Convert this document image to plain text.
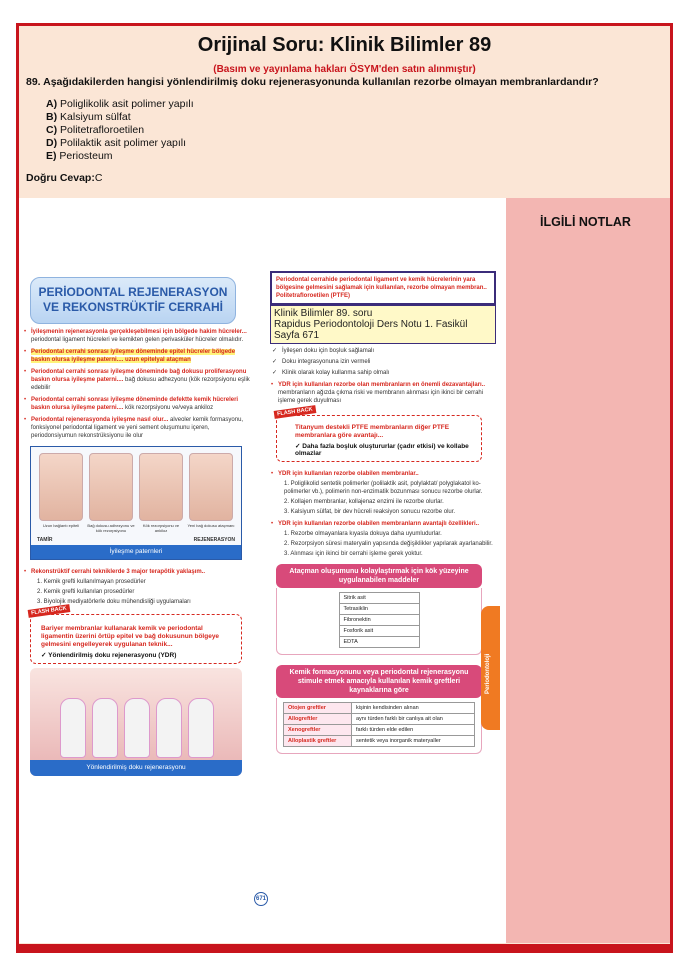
Orijinal Soru: Klinik Bilimler 89
(Basım ve yayınlama hakları ÖSYM'den satın alınmıştır)
89. Aşağıdakilerden hangisi yönlendirilmiş doku rejenerasyonunda kullanılan rezorbe olmayan membranlardandır?
A) Poliglikolik asit polimer yapılı
B) Kalsiyum sülfat
C) Politetrafloroetilen
D) Polilaktik asit polimer yapılı
E) Periosteum
Doğru Cevap:C
İLGİLİ NOTLAR
PERİODONTAL REJENERASYON VE REKONSTRÜKTİF CERRAHİ
• İyileşmenin rejenerasyonla gerçekleşebilmesi için bölgede hakim hücreler... periodontal ligament hücreleri ve kemikten gelen perivasküler hücreler olmalıdır.
• Periodontal cerrahi sonrası iyileşme döneminde epitel hücreler bölgede baskın olursa iyileşme paterni.... uzun epitelyal ataçman
• Periodontal cerrahi sonrası iyileşme döneminde bağ dokusu proliferasyonu baskın olursa iyileşme paterni.... bağ dokusu adhezyonu (kök rezorpsiyonu eşlik edebilir
• Periodontal cerrahi sonrası iyileşme döneminde defektte kemik hücreleri baskın olursa iyileşme paterni.... kök rezorpsiyonu ve/veya ankiloz
• Periodontal rejenerasyonda iyileşme nasıl olur... alveoler kemik formasyonu, fonksiyonel periodontal ligament ve yeni sement oluşumunu içeren, periodonsiyumun rekonstrüksiyonu ile olur
Uzun bağlantı epiteli	Bağ dokusu adhezyonu ve kök rezorpsiyonu
Kök rezorpsiyonu ve ankiloz
Yeni bağ dokusu ataçmanı
TAMİR	REJENERASYON
İyileşme paternleri
• Rekonstrüktif cerrahi tekniklerde 3 major terapötik yaklaşım..
1. Kemik grefti kullanılmayan prosedürler
2. Kemik grefti kullanılan prosedürler
3. Biyolojik mediyatörlerle doku mühendisliği uygulamaları
FLASH BACK
Bariyer membranlar kullanarak kemik ve periodontal ligamentin üzerini örtüp epitel ve bağ dokusunun bölgeye gelmesini engelleyerek uygulanan teknik...
✓ Yönlendirilmiş doku rejenerasyonu (YDR)
Yönlendirilmiş doku rejenerasyonu
671
Periodontal cerrahide periodontal ligament ve kemik hücrelerinin yara bölgesine gelmesini sağlamak için kullanılan, rezorbe olmayan membran.. Politetrafloroetilen (PTFE)
Klinik Bilimler 89. soru
Rapidus Periodontoloji Ders Notu 1. Fasikül Sayfa 671
✓ İyileşen doku için boşluk sağlamalı
✓ Doku integrasyonuna izin vermeli
✓ Klinik olarak kolay kullanma sahip olmalı
• YDR için kullanılan rezorbe olan membranların en önemli dezavantajları.. membranların ağızda çıkma riski ve membranın alınması için ikinci bir cerrahi işleme gerek duyulması
FLASH BACK
Titanyum destekli PTFE membranların diğer PTFE membranlara göre avantajı...
✓ Daha fazla boşluk oluştururlar (çadır etkisi) ve kollabe olmazlar
• YDR için kullanılan rezorbe olabilen membranlar..
1. Poliglikolid sentetik polimerler (polilaktik asit, polylaktat/ polyglakatol ko-polimerler vb.), polimerin non-enzimatik bozunması sonucu rezorbe olurlar.
2. Kollajen membranlar, kollajenaz enzimi ile rezorbe olurlar.
3. Kalsiyum sülfat, bir dev hücreli reaksiyon sonucu rezorbe olur.
• YDR için kullanılan rezorbe olabilen membranların avantajlı özellikleri..
1. Rezorbe olmayanlara kıyasla dokuya daha uyumludurlar.
2. Rezorpsiyon süresi materyalin yapısında değişiklikler yapılarak ayarlanabilir.
3. Alınması için ikinci bir cerrahi işleme gerek yoktur.
Ataçman oluşumunu kolaylaştırmak için kök yüzeyine uygulanabilen maddeler
Sitrik asit
Tetrasiklin
Fibronektin
Fosforik asit
EDTA
Kemik formasyonunu veya periodontal rejenerasyonu stimule etmek amacıyla kullanılan kemik greftleri kaynaklarına göre
Otojen greftler	kişinin kendisinden alınan
Allogreftler	aynı türden farklı bir canlıya ait olan
Xenogreftler	farklı türden elde edilen
Alloplastik greftler	sentetik veya inorganik materyaller
Periodontoloji
